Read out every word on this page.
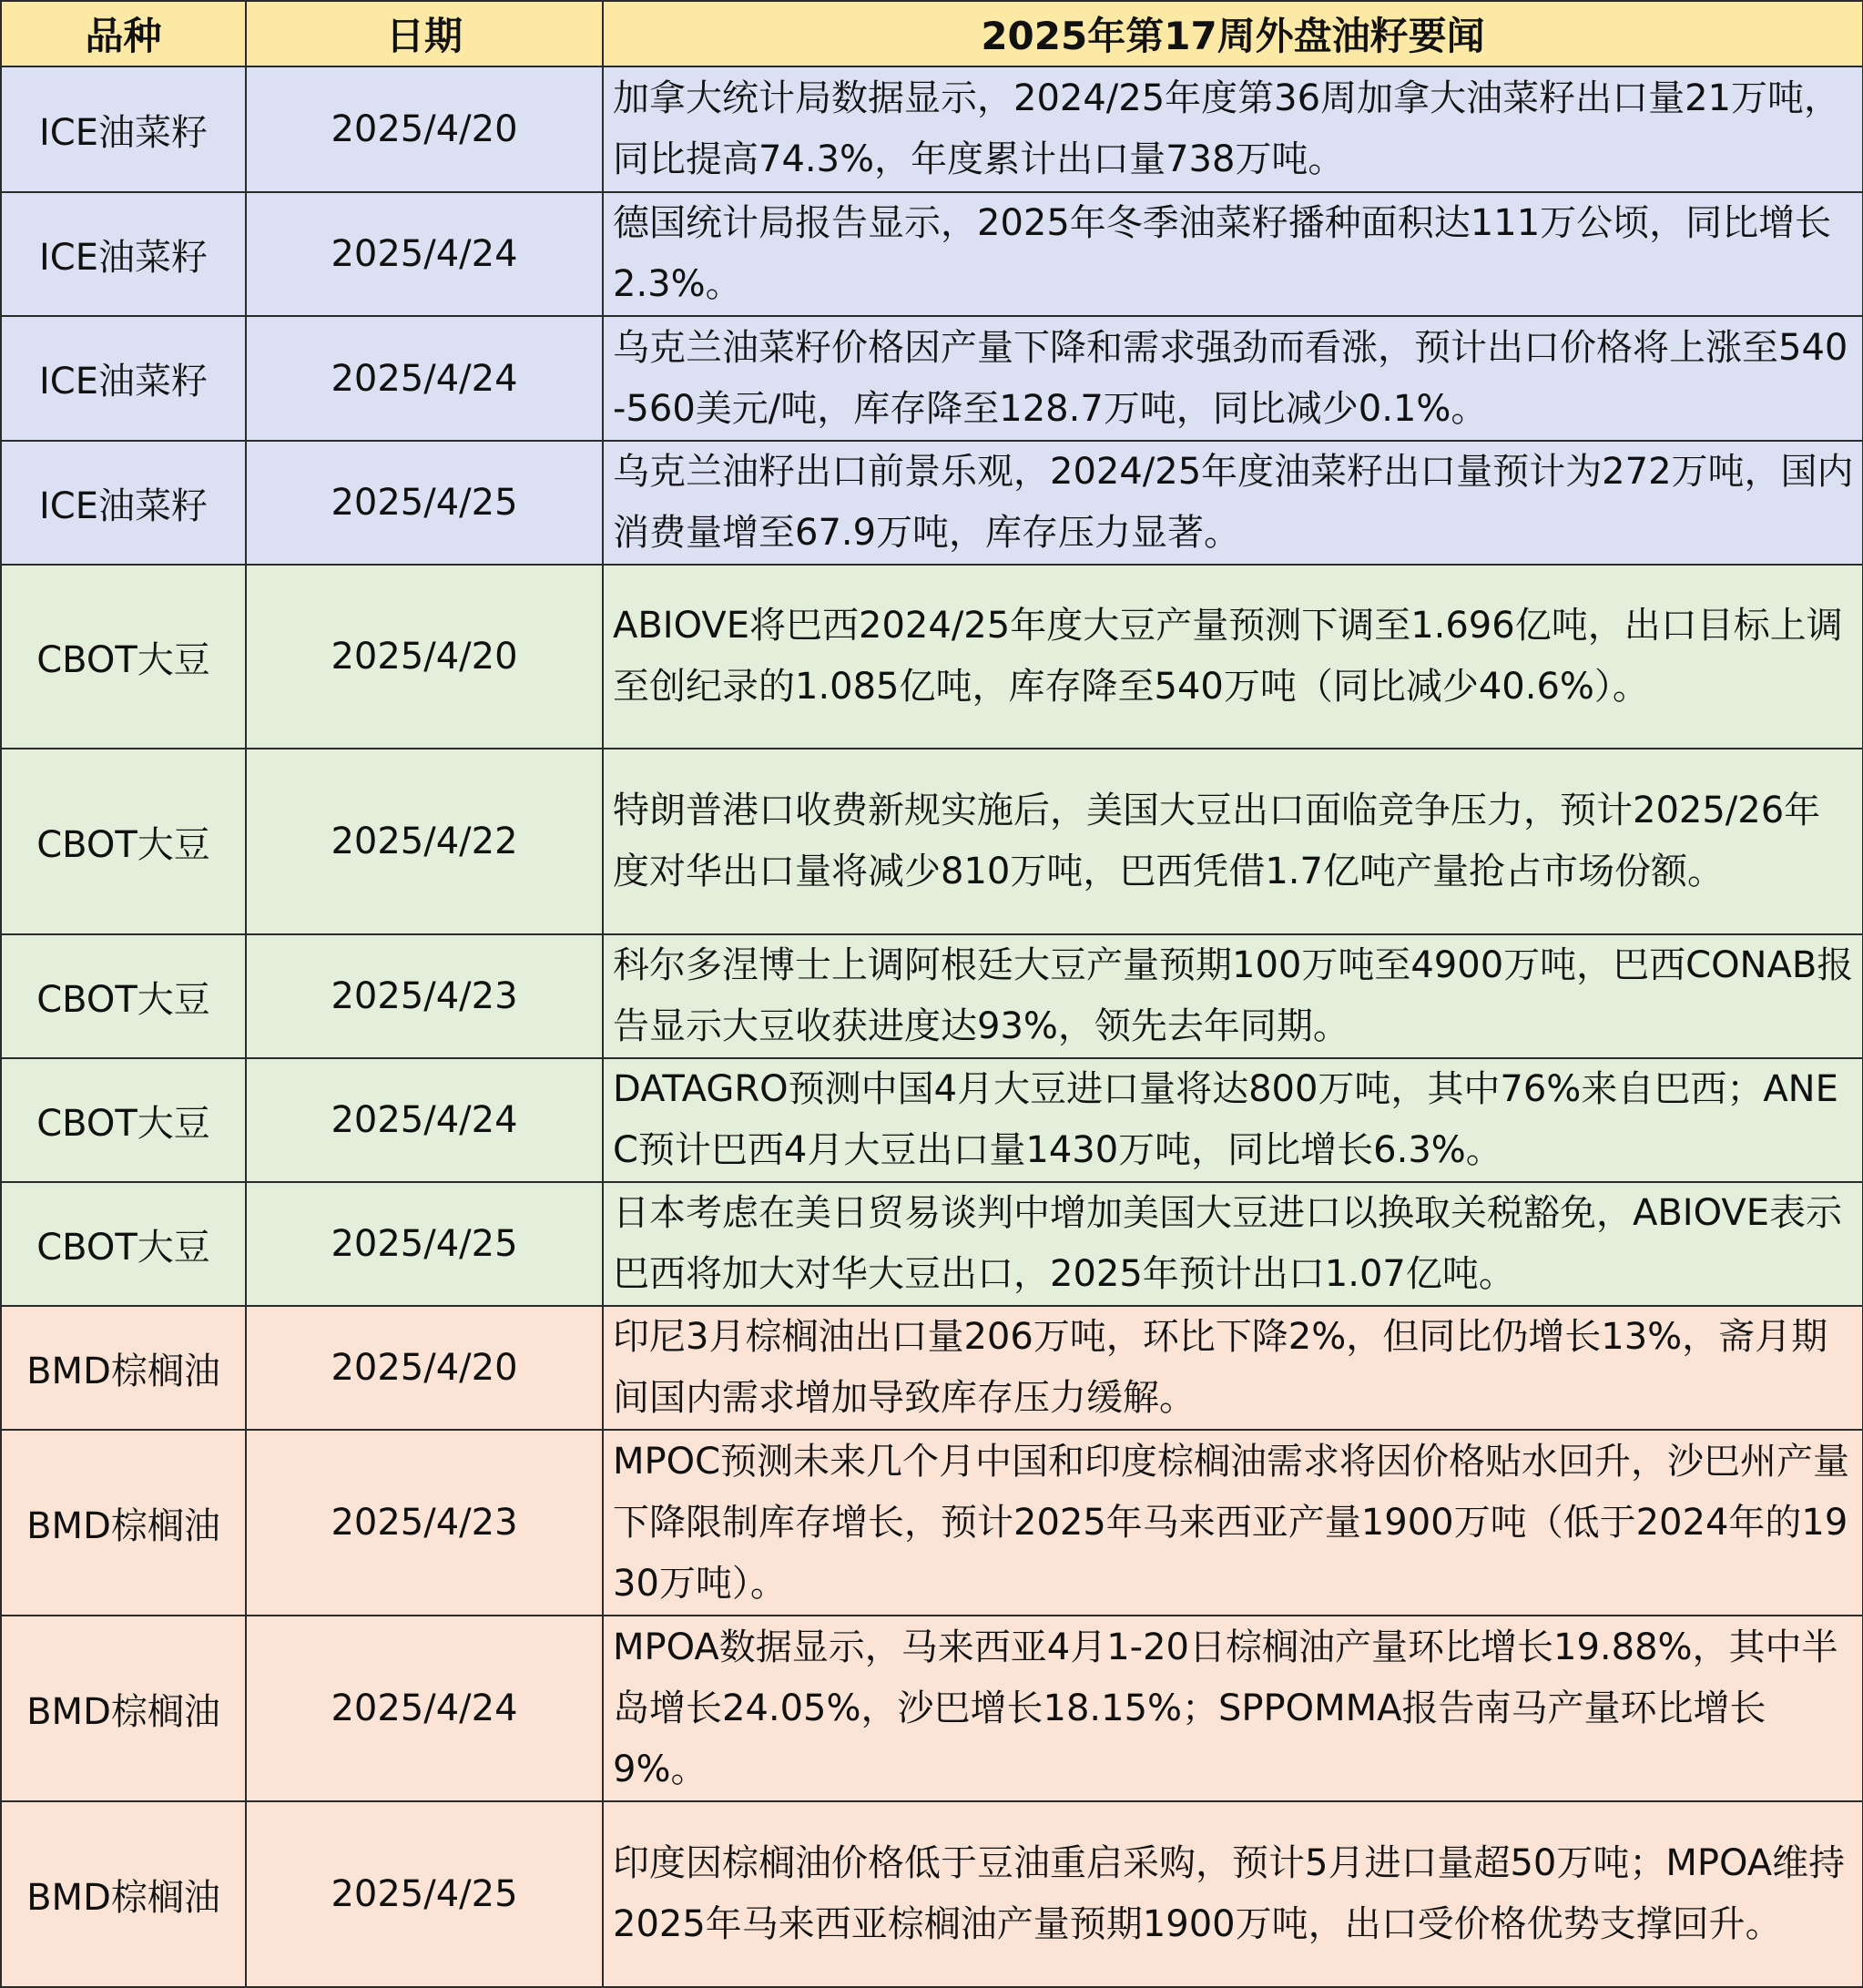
品种	日期	2025年第17周外盘油籽要闻
ICE油菜籽	2025/4/20	加拿大统计局数据显示，2024/25年度第36周加拿大油菜籽出口量21万吨，同比提高74.3%，年度累计出口量738万吨。
ICE油菜籽	2025/4/24	德国统计局报告显示，2025年冬季油菜籽播种面积达111万公顷，同比增长2.3%。
ICE油菜籽	2025/4/24	乌克兰油菜籽价格因产量下降和需求强劲而看涨，预计出口价格将上涨至540-560美元/吨，库存降至128.7万吨，同比减少0.1%。
ICE油菜籽	2025/4/25	乌克兰油籽出口前景乐观，2024/25年度油菜籽出口量预计为272万吨，国内消费量增至67.9万吨，库存压力显著。
CBOT大豆	2025/4/20	ABIOVE将巴西2024/25年度大豆产量预测下调至1.696亿吨，出口目标上调至创纪录的1.085亿吨，库存降至540万吨（同比减少40.6%）。
CBOT大豆	2025/4/22	特朗普港口收费新规实施后，美国大豆出口面临竞争压力，预计2025/26年度对华出口量将减少810万吨，巴西凭借1.7亿吨产量抢占市场份额。
CBOT大豆	2025/4/23	科尔多涅博士上调阿根廷大豆产量预期100万吨至4900万吨，巴西CONAB报告显示大豆收获进度达93%，领先去年同期。
CBOT大豆	2025/4/24	DATAGRO预测中国4月大豆进口量将达800万吨，其中76%来自巴西；ANEC预计巴西4月大豆出口量1430万吨，同比增长6.3%。
CBOT大豆	2025/4/25	日本考虑在美日贸易谈判中增加美国大豆进口以换取关税豁免，ABIOVE表示巴西将加大对华大豆出口，2025年预计出口1.07亿吨。
BMD棕榈油	2025/4/20	印尼3月棕榈油出口量206万吨，环比下降2%，但同比仍增长13%，斋月期间国内需求增加导致库存压力缓解。
BMD棕榈油	2025/4/23	MPOC预测未来几个月中国和印度棕榈油需求将因价格贴水回升，沙巴州产量下降限制库存增长，预计2025年马来西亚产量1900万吨（低于2024年的1930万吨）。
BMD棕榈油	2025/4/24	MPOA数据显示，马来西亚4月1-20日棕榈油产量环比增长19.88%，其中半岛增长24.05%，沙巴增长18.15%；SPPOMMA报告南马产量环比增长9%。
BMD棕榈油	2025/4/25	印度因棕榈油价格低于豆油重启采购，预计5月进口量超50万吨；MPOA维持2025年马来西亚棕榈油产量预期1900万吨，出口受价格优势支撑回升。
